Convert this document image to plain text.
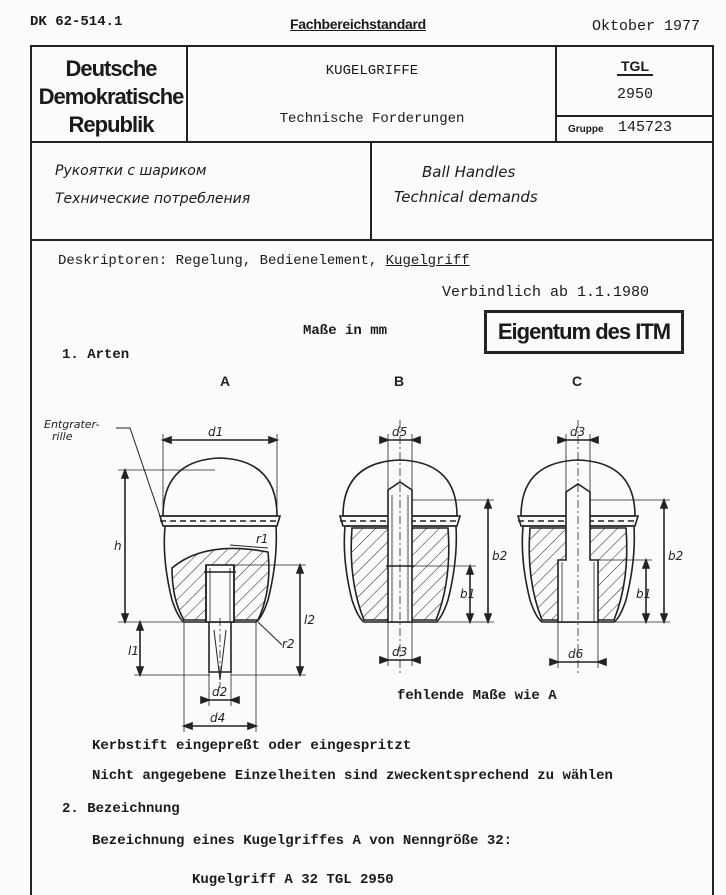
DK 62-514.1	Fachbereichstandard	Oktober 1977
Deutsche
Demokratische
Republik
KUGELGRIFFE
Technische Forderungen
TGL
2950
Gruppe 145723
Рукоятки с шариком
Технические потребления
Ball Handles
Technical demands
Deskriptoren: Regelung, Bedienelement, Kugelgriff
Verbindlich ab 1.1.1980
Maße in mm	Eigentum des ITM
1. Arten
A	B	C
Entgrater-
rille	d1
h
l1
l2
r1
r2
d2
d4
d5
b2
b1
d3
d3
b2
b1
d6
fehlende Maße wie A
Kerbstift eingepreßt oder eingespritzt
Nicht angegebene Einzelheiten sind zweckentsprechend zu wählen
2. Bezeichnung
Bezeichnung eines Kugelgriffes A von Nenngröße 32:
Kugelgriff A 32 TGL 2950
